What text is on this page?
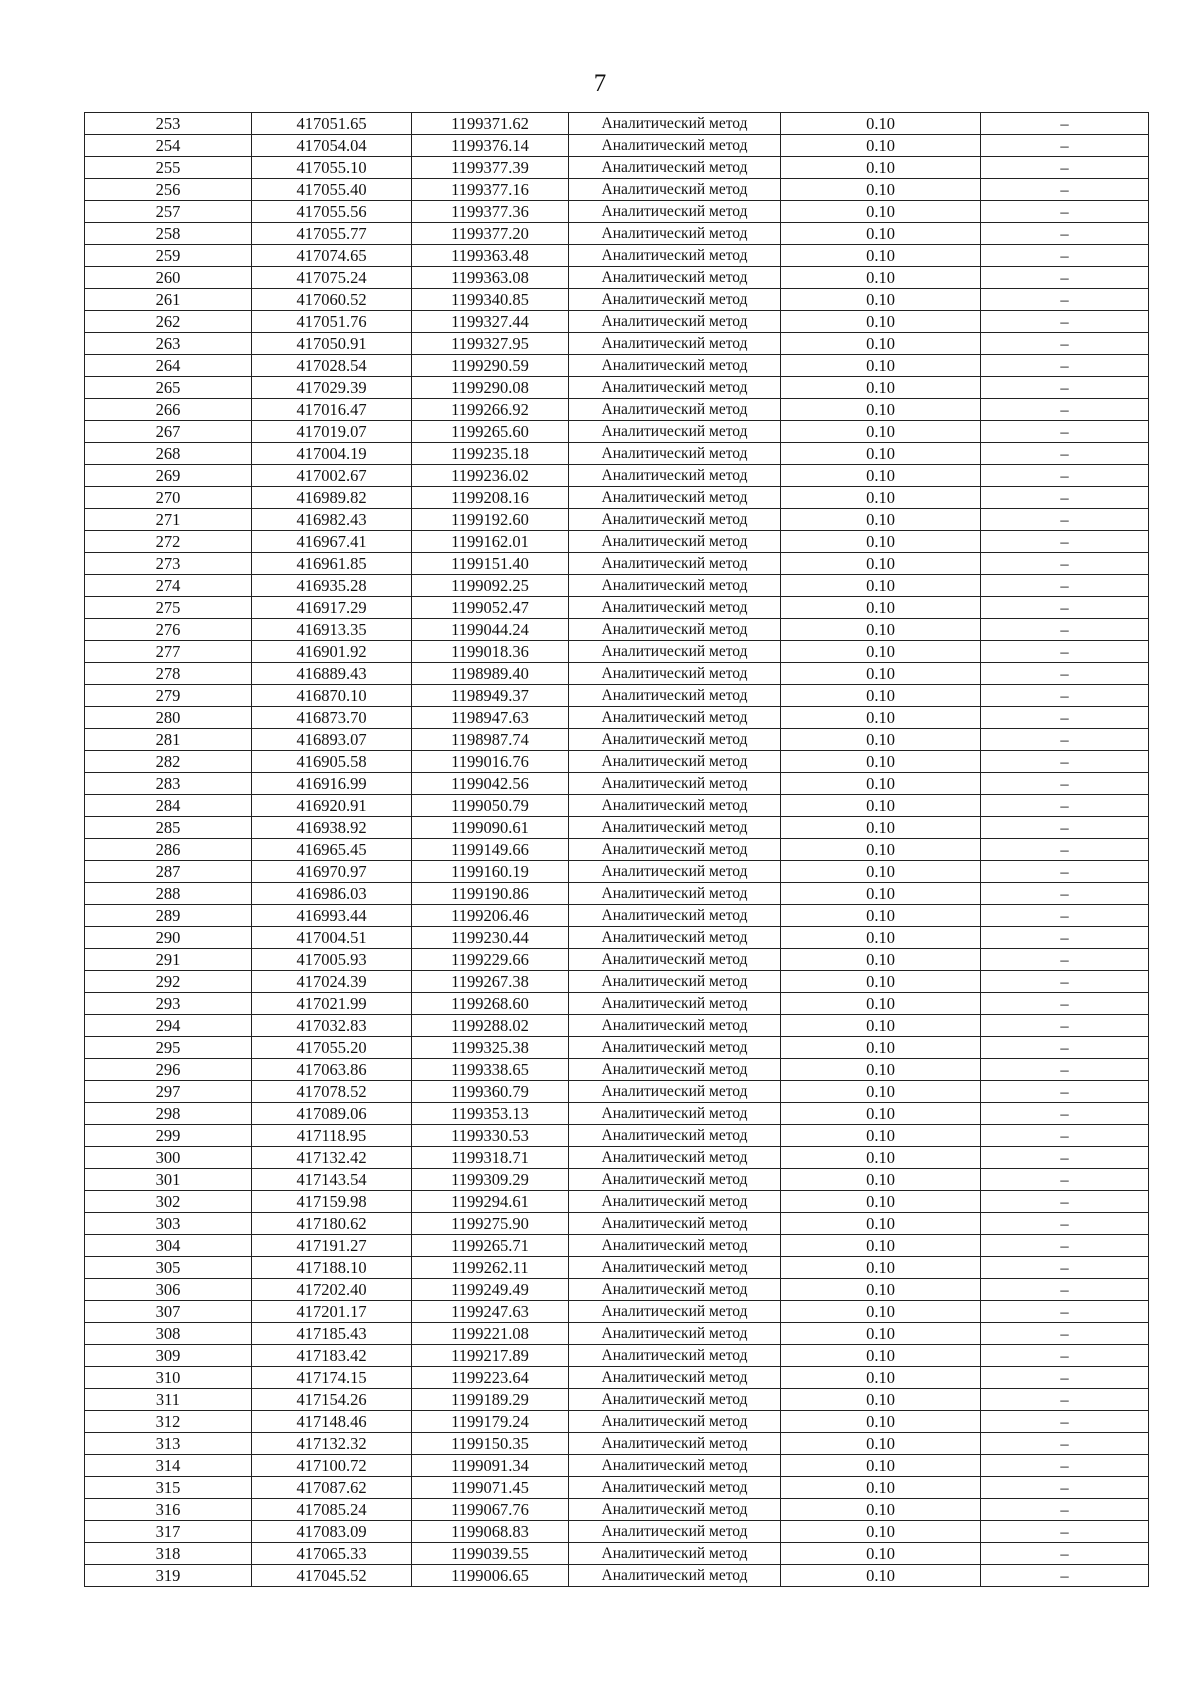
7
253	417051.65	1199371.62	Аналитический метод	0.10	–
254	417054.04	1199376.14	Аналитический метод	0.10	–
255	417055.10	1199377.39	Аналитический метод	0.10	–
256	417055.40	1199377.16	Аналитический метод	0.10	–
257	417055.56	1199377.36	Аналитический метод	0.10	–
258	417055.77	1199377.20	Аналитический метод	0.10	–
259	417074.65	1199363.48	Аналитический метод	0.10	–
260	417075.24	1199363.08	Аналитический метод	0.10	–
261	417060.52	1199340.85	Аналитический метод	0.10	–
262	417051.76	1199327.44	Аналитический метод	0.10	–
263	417050.91	1199327.95	Аналитический метод	0.10	–
264	417028.54	1199290.59	Аналитический метод	0.10	–
265	417029.39	1199290.08	Аналитический метод	0.10	–
266	417016.47	1199266.92	Аналитический метод	0.10	–
267	417019.07	1199265.60	Аналитический метод	0.10	–
268	417004.19	1199235.18	Аналитический метод	0.10	–
269	417002.67	1199236.02	Аналитический метод	0.10	–
270	416989.82	1199208.16	Аналитический метод	0.10	–
271	416982.43	1199192.60	Аналитический метод	0.10	–
272	416967.41	1199162.01	Аналитический метод	0.10	–
273	416961.85	1199151.40	Аналитический метод	0.10	–
274	416935.28	1199092.25	Аналитический метод	0.10	–
275	416917.29	1199052.47	Аналитический метод	0.10	–
276	416913.35	1199044.24	Аналитический метод	0.10	–
277	416901.92	1199018.36	Аналитический метод	0.10	–
278	416889.43	1198989.40	Аналитический метод	0.10	–
279	416870.10	1198949.37	Аналитический метод	0.10	–
280	416873.70	1198947.63	Аналитический метод	0.10	–
281	416893.07	1198987.74	Аналитический метод	0.10	–
282	416905.58	1199016.76	Аналитический метод	0.10	–
283	416916.99	1199042.56	Аналитический метод	0.10	–
284	416920.91	1199050.79	Аналитический метод	0.10	–
285	416938.92	1199090.61	Аналитический метод	0.10	–
286	416965.45	1199149.66	Аналитический метод	0.10	–
287	416970.97	1199160.19	Аналитический метод	0.10	–
288	416986.03	1199190.86	Аналитический метод	0.10	–
289	416993.44	1199206.46	Аналитический метод	0.10	–
290	417004.51	1199230.44	Аналитический метод	0.10	–
291	417005.93	1199229.66	Аналитический метод	0.10	–
292	417024.39	1199267.38	Аналитический метод	0.10	–
293	417021.99	1199268.60	Аналитический метод	0.10	–
294	417032.83	1199288.02	Аналитический метод	0.10	–
295	417055.20	1199325.38	Аналитический метод	0.10	–
296	417063.86	1199338.65	Аналитический метод	0.10	–
297	417078.52	1199360.79	Аналитический метод	0.10	–
298	417089.06	1199353.13	Аналитический метод	0.10	–
299	417118.95	1199330.53	Аналитический метод	0.10	–
300	417132.42	1199318.71	Аналитический метод	0.10	–
301	417143.54	1199309.29	Аналитический метод	0.10	–
302	417159.98	1199294.61	Аналитический метод	0.10	–
303	417180.62	1199275.90	Аналитический метод	0.10	–
304	417191.27	1199265.71	Аналитический метод	0.10	–
305	417188.10	1199262.11	Аналитический метод	0.10	–
306	417202.40	1199249.49	Аналитический метод	0.10	–
307	417201.17	1199247.63	Аналитический метод	0.10	–
308	417185.43	1199221.08	Аналитический метод	0.10	–
309	417183.42	1199217.89	Аналитический метод	0.10	–
310	417174.15	1199223.64	Аналитический метод	0.10	–
311	417154.26	1199189.29	Аналитический метод	0.10	–
312	417148.46	1199179.24	Аналитический метод	0.10	–
313	417132.32	1199150.35	Аналитический метод	0.10	–
314	417100.72	1199091.34	Аналитический метод	0.10	–
315	417087.62	1199071.45	Аналитический метод	0.10	–
316	417085.24	1199067.76	Аналитический метод	0.10	–
317	417083.09	1199068.83	Аналитический метод	0.10	–
318	417065.33	1199039.55	Аналитический метод	0.10	–
319	417045.52	1199006.65	Аналитический метод	0.10	–
